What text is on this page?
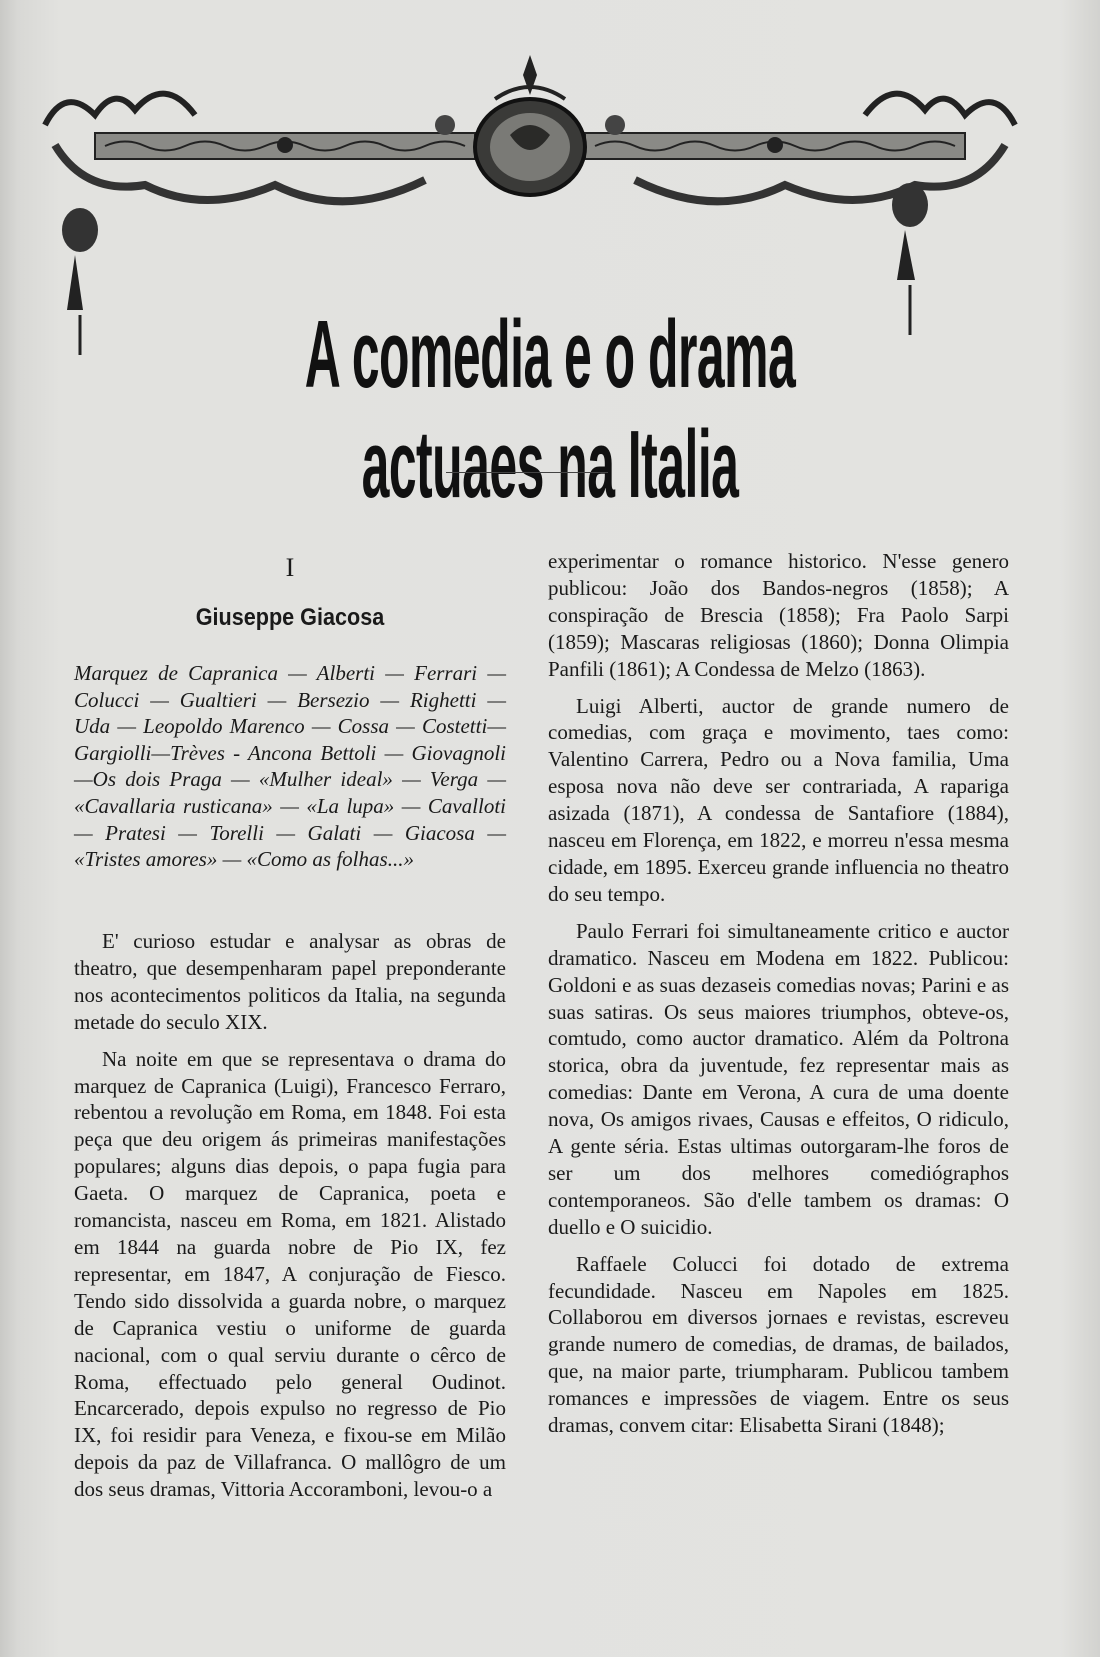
A comedia e o drama actuaes na Italia
I
Giuseppe Giacosa
Marquez de Capranica — Alberti — Ferrari — Colucci — Gualtieri — Bersezio — Righetti — Uda — Leopoldo Marenco — Cossa — Costetti—Gargiolli—Trèves - Ancona Bettoli — Giovagnoli —Os dois Praga — «Mulher ideal» — Verga — «Cavallaria rusticana» — «La lupa» — Cavalloti — Pratesi — Torelli — Galati — Giacosa — «Tristes amores» — «Como as folhas...»

E' curioso estudar e analysar as obras de theatro, que desempenharam papel preponderante nos acontecimentos politicos da Italia, na segunda metade do seculo XIX.

Na noite em que se representava o drama do marquez de Capranica (Luigi), Francesco Ferraro, rebentou a revolução em Roma, em 1848. Foi esta peça que deu origem ás primeiras manifestações populares; alguns dias depois, o papa fugia para Gaeta. O marquez de Capranica, poeta e romancista, nasceu em Roma, em 1821. Alistado em 1844 na guarda nobre de Pio IX, fez representar, em 1847, A conjuração de Fiesco. Tendo sido dissolvida a guarda nobre, o marquez de Capranica vestiu o uniforme de guarda nacional, com o qual serviu durante o cêrco de Roma, effectuado pelo general Oudinot. Encarcerado, depois expulso no regresso de Pio IX, foi residir para Veneza, e fixou-se em Milão depois da paz de Villafranca. O mallôgro de um dos seus dramas, Vittoria Accoramboni, levou-o a

experimentar o romance historico. N'esse genero publicou: João dos Bandos-negros (1858); A conspiração de Brescia (1858); Fra Paolo Sarpi (1859); Mascaras religiosas (1860); Donna Olimpia Panfili (1861); A Condessa de Melzo (1863).

Luigi Alberti, auctor de grande numero de comedias, com graça e movimento, taes como: Valentino Carrera, Pedro ou a Nova familia, Uma esposa nova não deve ser contrariada, A rapariga asizada (1871), A condessa de Santafiore (1884), nasceu em Florença, em 1822, e morreu n'essa mesma cidade, em 1895. Exerceu grande influencia no theatro do seu tempo.

Paulo Ferrari foi simultaneamente critico e auctor dramatico. Nasceu em Modena em 1822. Publicou: Goldoni e as suas dezaseis comedias novas; Parini e as suas satiras. Os seus maiores triumphos, obteve-os, comtudo, como auctor dramatico. Além da Poltrona storica, obra da juventude, fez representar mais as comedias: Dante em Verona, A cura de uma doente nova, Os amigos rivaes, Causas e effeitos, O ridiculo, A gente séria. Estas ultimas outorgaram-lhe foros de ser um dos melhores comediógraphos contemporaneos. São d'elle tambem os dramas: O duello e O suicidio.

Raffaele Colucci foi dotado de extrema fecundidade. Nasceu em Napoles em 1825. Collaborou em diversos jornaes e revistas, escreveu grande numero de comedias, de dramas, de bailados, que, na maior parte, triumpharam. Publicou tambem romances e impressões de viagem. Entre os seus dramas, convem citar: Elisabetta Sirani (1848);
